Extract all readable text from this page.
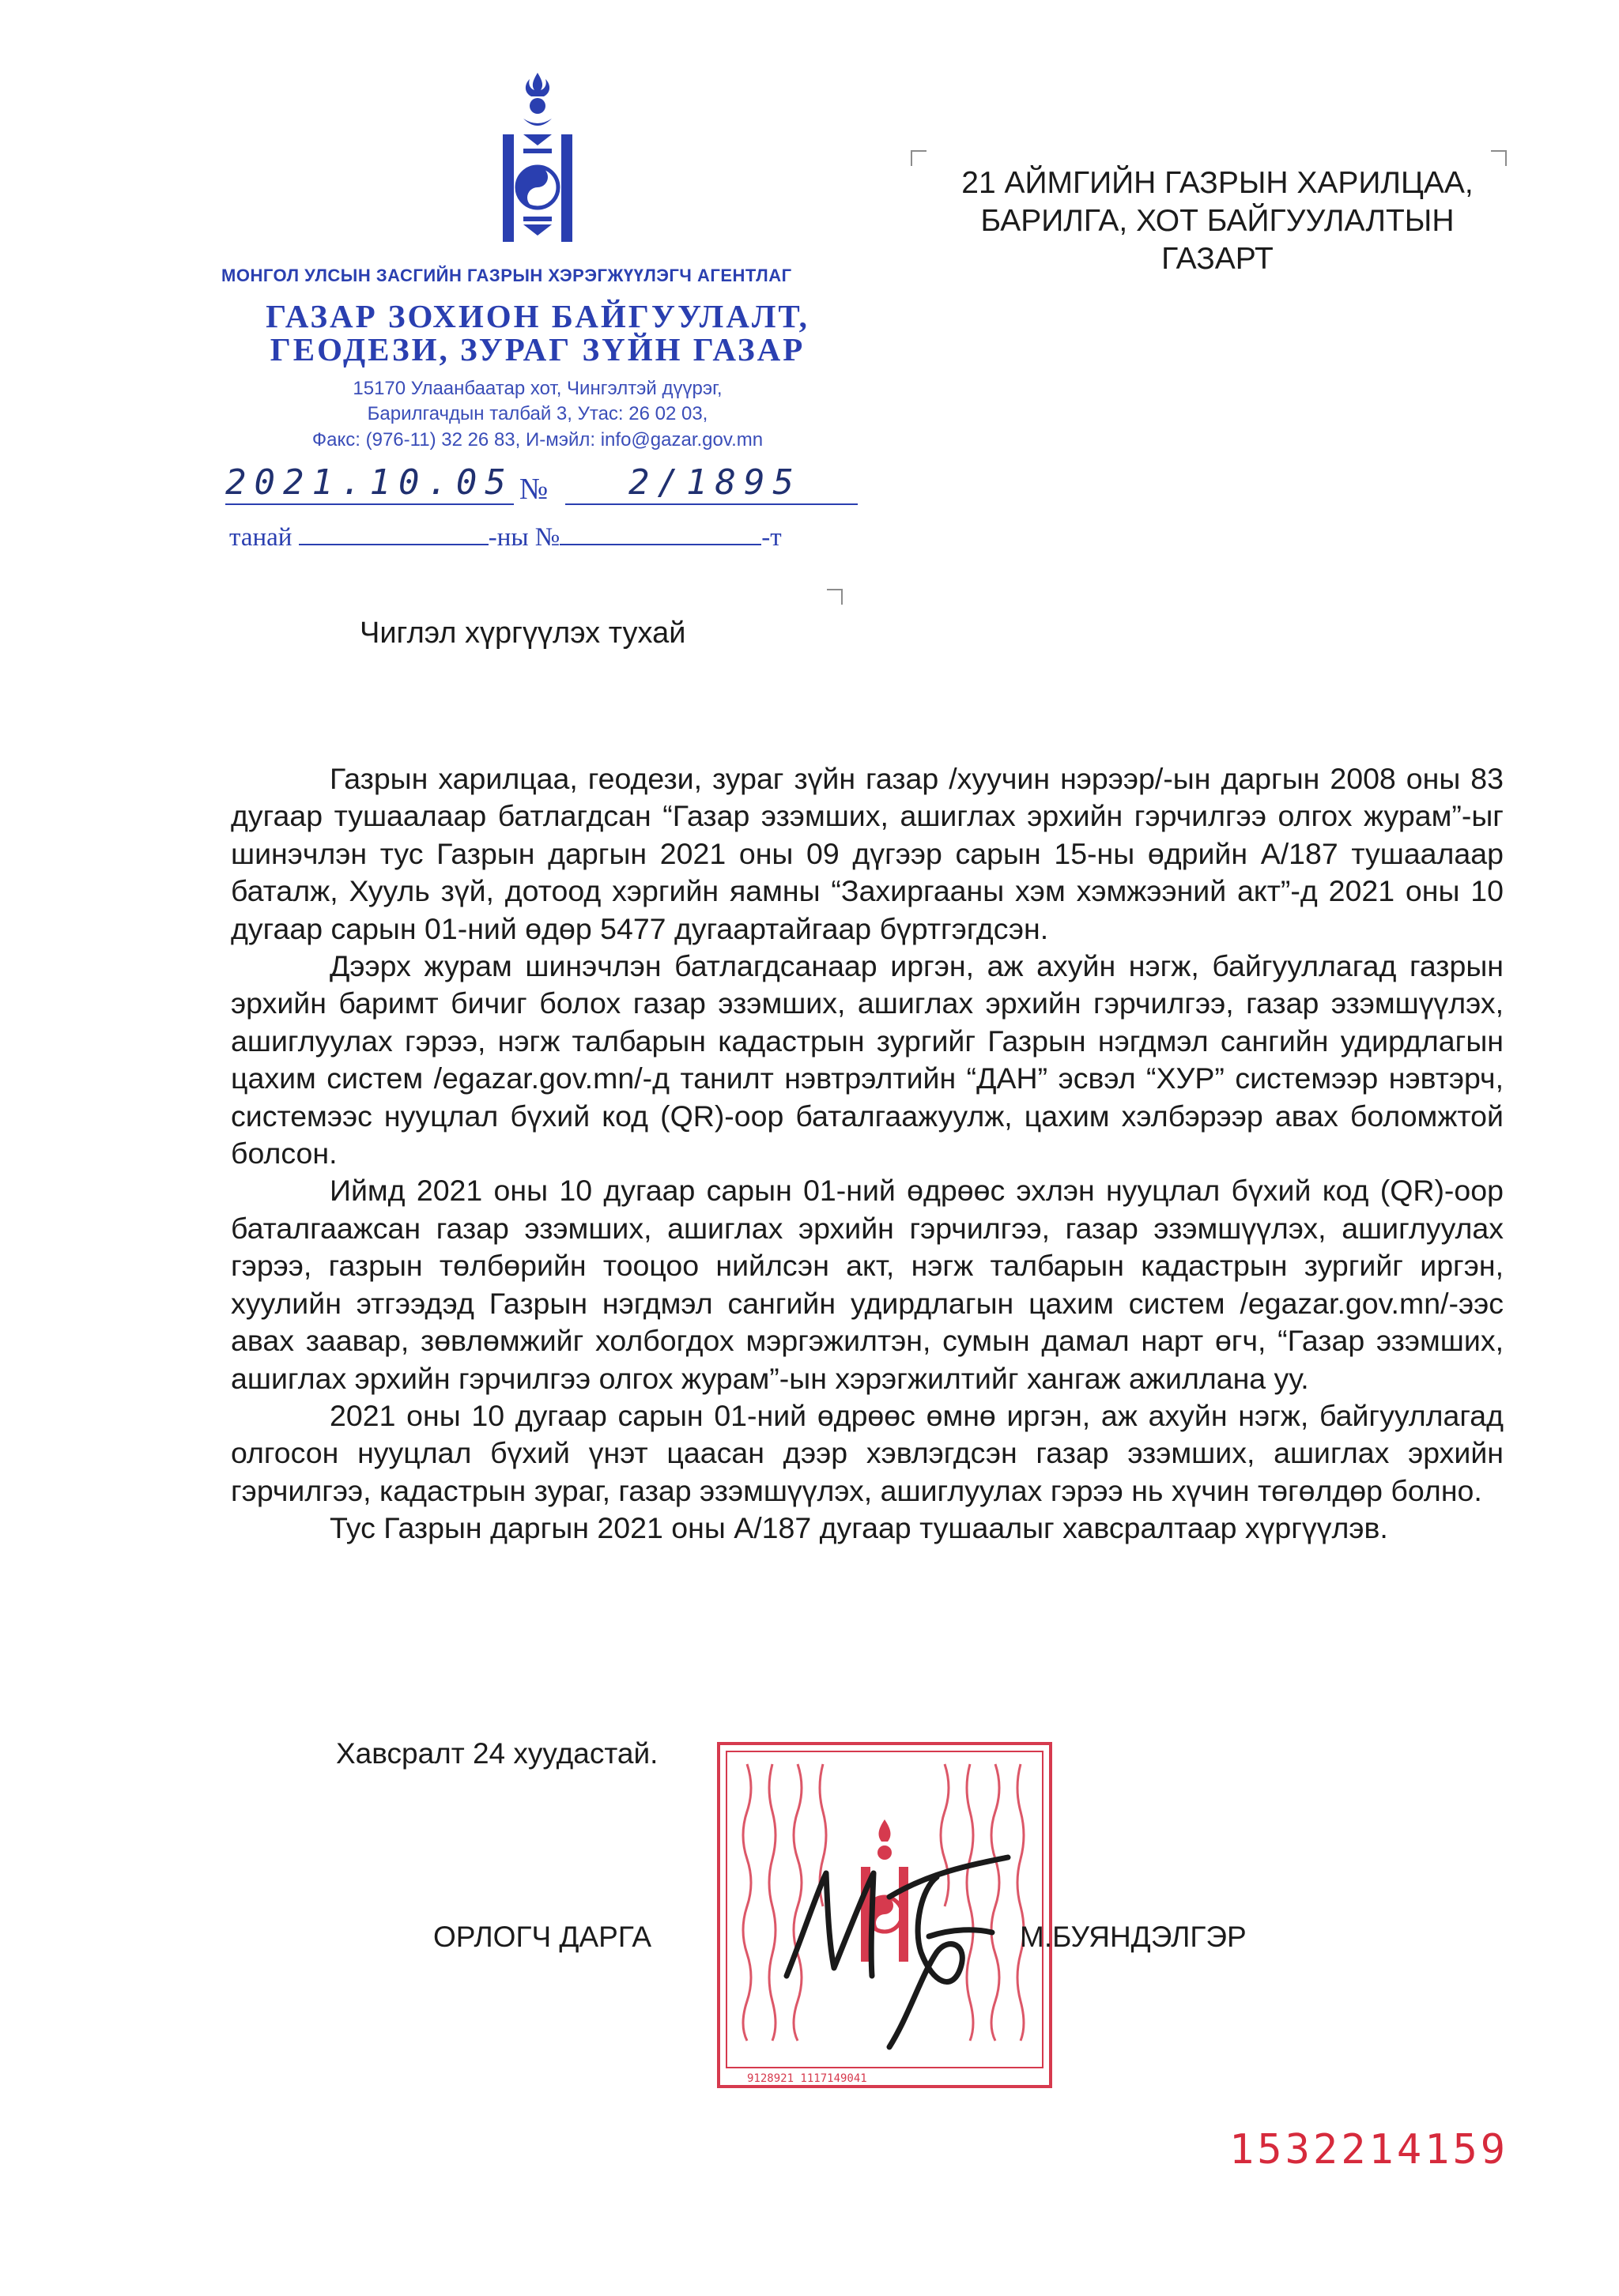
МОНГОЛ УЛСЫН ЗАСГИЙН ГАЗРЫН ХЭРЭГЖҮҮЛЭГЧ АГЕНТЛАГ
ГАЗАР ЗОХИОН БАЙГУУЛАЛТ,
ГЕОДЕЗИ, ЗУРАГ ЗҮЙН ГАЗАР
15170 Улаанбаатар хот, Чингэлтэй дүүрэг,
Барилгачдын талбай 3, Утас: 26 02 03,
Факс: (976-11) 32 26 83, И-мэйл: info@gazar.gov.mn
2021.10.05 № 2/1895
танай	-ны №	-т
21 АЙМГИЙН ГАЗРЫН ХАРИЛЦАА,
БАРИЛГА, ХОТ БАЙГУУЛАЛТЫН
ГАЗАРТ
Чиглэл хүргүүлэх тухай

Газрын харилцаа, геодези, зураг зүйн газар /хуучин нэрээр/-ын даргын 2008 оны 83 дугаар тушаалаар батлагдсан “Газар эзэмших, ашиглах эрхийн гэрчилгээ олгох журам”-ыг шинэчлэн тус Газрын даргын 2021 оны 09 дүгээр сарын 15-ны өдрийн А/187 тушаалаар баталж, Хууль зүй, дотоод хэргийн яамны “Захиргааны хэм хэмжээний акт”-д 2021 оны 10 дугаар сарын 01-ний өдөр 5477 дугаартайгаар бүртгэгдсэн.

Дээрх журам шинэчлэн батлагдсанаар иргэн, аж ахуйн нэгж, байгууллагад газрын эрхийн баримт бичиг болох газар эзэмших, ашиглах эрхийн гэрчилгээ, газар эзэмшүүлэх, ашиглуулах гэрээ, нэгж талбарын кадастрын зургийг Газрын нэгдмэл сангийн удирдлагын цахим систем /egazar.gov.mn/-д танилт нэвтрэлтийн “ДАН” эсвэл “ХУР” системээр нэвтэрч, системээс нууцлал бүхий код (QR)-оор баталгаажуулж, цахим хэлбэрээр авах боломжтой болсон.

Иймд 2021 оны 10 дугаар сарын 01-ний өдрөөс эхлэн нууцлал бүхий код (QR)-оор баталгаажсан газар эзэмших, ашиглах эрхийн гэрчилгээ, газар эзэмшүүлэх, ашиглуулах гэрээ, газрын төлбөрийн тооцоо нийлсэн акт, нэгж талбарын кадастрын зургийг иргэн, хуулийн этгээдэд Газрын нэгдмэл сангийн удирдлагын цахим систем /egazar.gov.mn/-ээс авах заавар, зөвлөмжийг холбогдох мэргэжилтэн, сумын дамал нарт өгч, “Газар эзэмших, ашиглах эрхийн гэрчилгээ олгох журам”-ын хэрэгжилтийг хангаж ажиллана уу.

2021 оны 10 дугаар сарын 01-ний өдрөөс өмнө иргэн, аж ахуйн нэгж, байгууллагад олгосон нууцлал бүхий үнэт цаасан дээр хэвлэгдсэн газар эзэмших, ашиглах эрхийн гэрчилгээ, кадастрын зураг, газар эзэмшүүлэх, ашиглуулах гэрээ нь хүчин төгөлдөр болно.

Тус Газрын даргын 2021 оны А/187 дугаар тушаалыг хавсралтаар хүргүүлэв.

Хавсралт 24 хуудастай.
9128921 1117149041
ОРЛОГЧ ДАРГА	М.БУЯНДЭЛГЭР
1532214159
